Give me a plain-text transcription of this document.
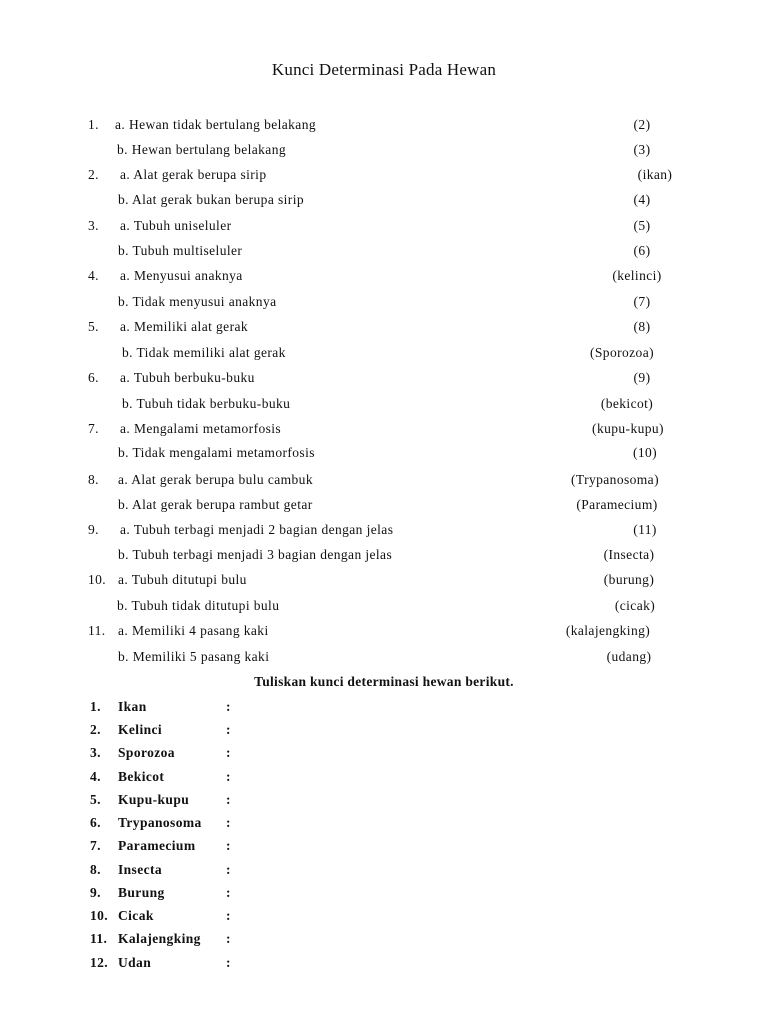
Kunci Determinasi Pada Hewan
1. a. Hewan tidak bertulang belakang	(2)
b. Hewan bertulang belakang	(3)
2. a. Alat gerak berupa sirip	(ikan)
b. Alat gerak bukan berupa sirip	(4)
3. a. Tubuh uniseluler	(5)
b. Tubuh multiseluler	(6)
4. a. Menyusui anaknya	(kelinci)
b. Tidak menyusui anaknya	(7)
5. a. Memiliki alat gerak	(8)
b. Tidak memiliki alat gerak	(Sporozoa)
6. a. Tubuh berbuku-buku	(9)
b. Tubuh tidak berbuku-buku	(bekicot)
7. a. Mengalami metamorfosis	(kupu-kupu)
b. Tidak mengalami metamorfosis	(10)
8. a. Alat gerak berupa bulu cambuk	(Trypanosoma)
b. Alat gerak berupa rambut getar	(Paramecium)
9. a. Tubuh terbagi menjadi 2 bagian dengan jelas	(11)
b. Tubuh terbagi menjadi 3 bagian dengan jelas	(Insecta)
10. a. Tubuh ditutupi bulu	(burung)
b. Tubuh tidak ditutupi bulu	(cicak)
11. a. Memiliki 4 pasang kaki	(kalajengking)
b. Memiliki 5 pasang kaki	(udang)
Tuliskan kunci determinasi hewan berikut.
1. Ikan	:
2. Kelinci	:
3. Sporozoa	:
4. Bekicot	:
5. Kupu-kupu	:
6. Trypanosoma :
7. Paramecium :
8. Insecta	:
9. Burung	:
10. Cicak	:
11. Kalajengking :
12. Udan	:
